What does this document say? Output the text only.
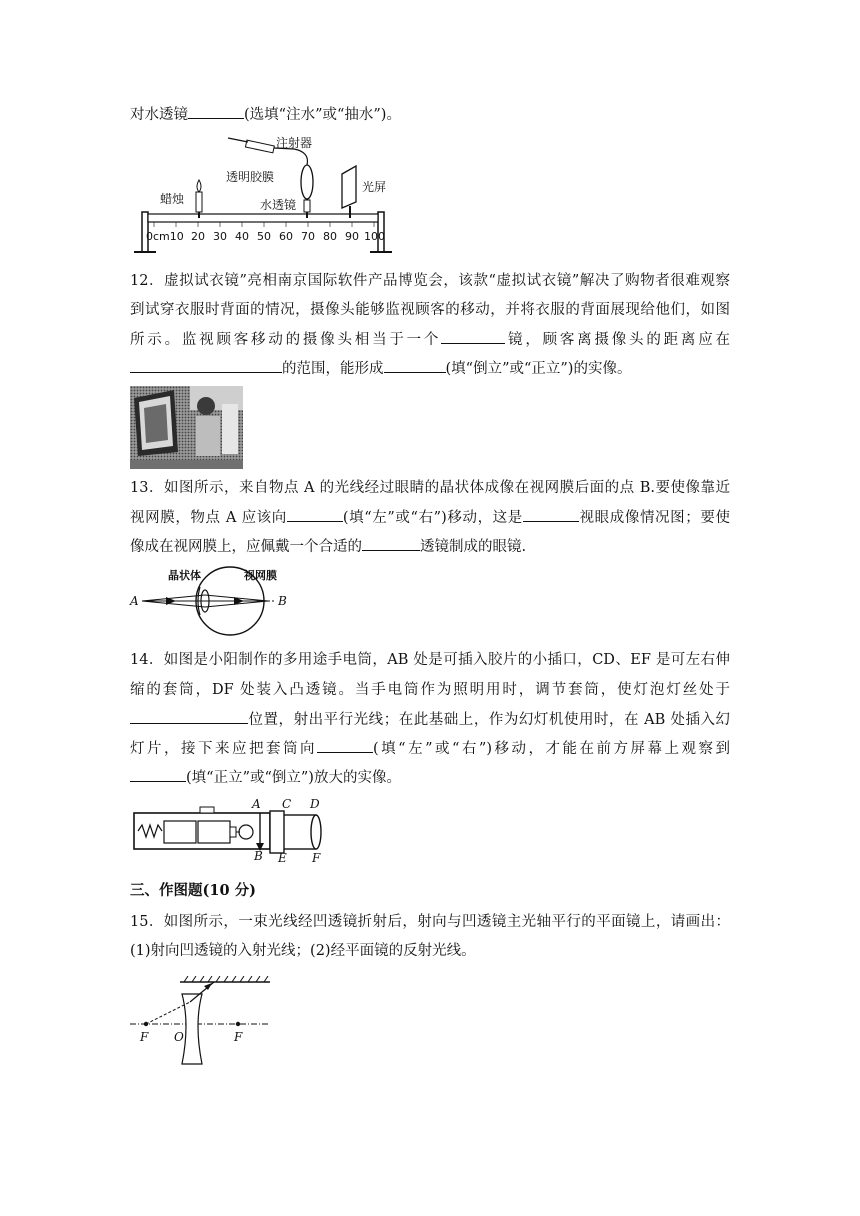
对水透镜	(选填“注水”或“抽水”)。
注射器
透明胶膜
蜡烛	水透镜
光屏
0cm10 20 30 40 50 60 70 80 90 100
12．虚拟试衣镜”亮相南京国际软件产品博览会，该款“虚拟试衣镜”解决了购物者很难观察
到试穿衣服时背面的情况，摄像头能够监视顾客的移动，并将衣服的背面展现给他们，如图
所示。监视顾客移动的摄像头相当于一个	镜，顾客离摄像头的距离应在
的范围，能形成	(填“倒立”或“正立”)的实像。
13．如图所示，来自物点 A 的光线经过眼睛的晶状体成像在视网膜后面的点 B.要使像靠近
视网膜，物点 A 应该向	(填“左”或“右”)移动，这是	视眼成像情况图；要使
像成在视网膜上，应佩戴一个合适的	透镜制成的眼镜.
晶状体	视网膜
A	B
14．如图是小阳制作的多用途手电筒，AB 处是可插入胶片的小插口，CD、EF 是可左右伸
缩的套筒，DF 处装入凸透镜。当手电筒作为照明用时，调节套筒，使灯泡灯丝处于
位置，射出平行光线；在此基础上，作为幻灯机使用时，在 AB 处插入幻
灯片，接下来应把套筒向	(填“左”或“右”)移动，才能在前方屏幕上观察到
(填“正立”或“倒立”)放大的实像。
A C D
B E F
三、作图题(10 分)
15．如图所示，一束光线经凹透镜折射后，射向与凹透镜主光轴平行的平面镜上，请画出：
(1)射向凹透镜的入射光线；(2)经平面镜的反射光线。
F O	F
